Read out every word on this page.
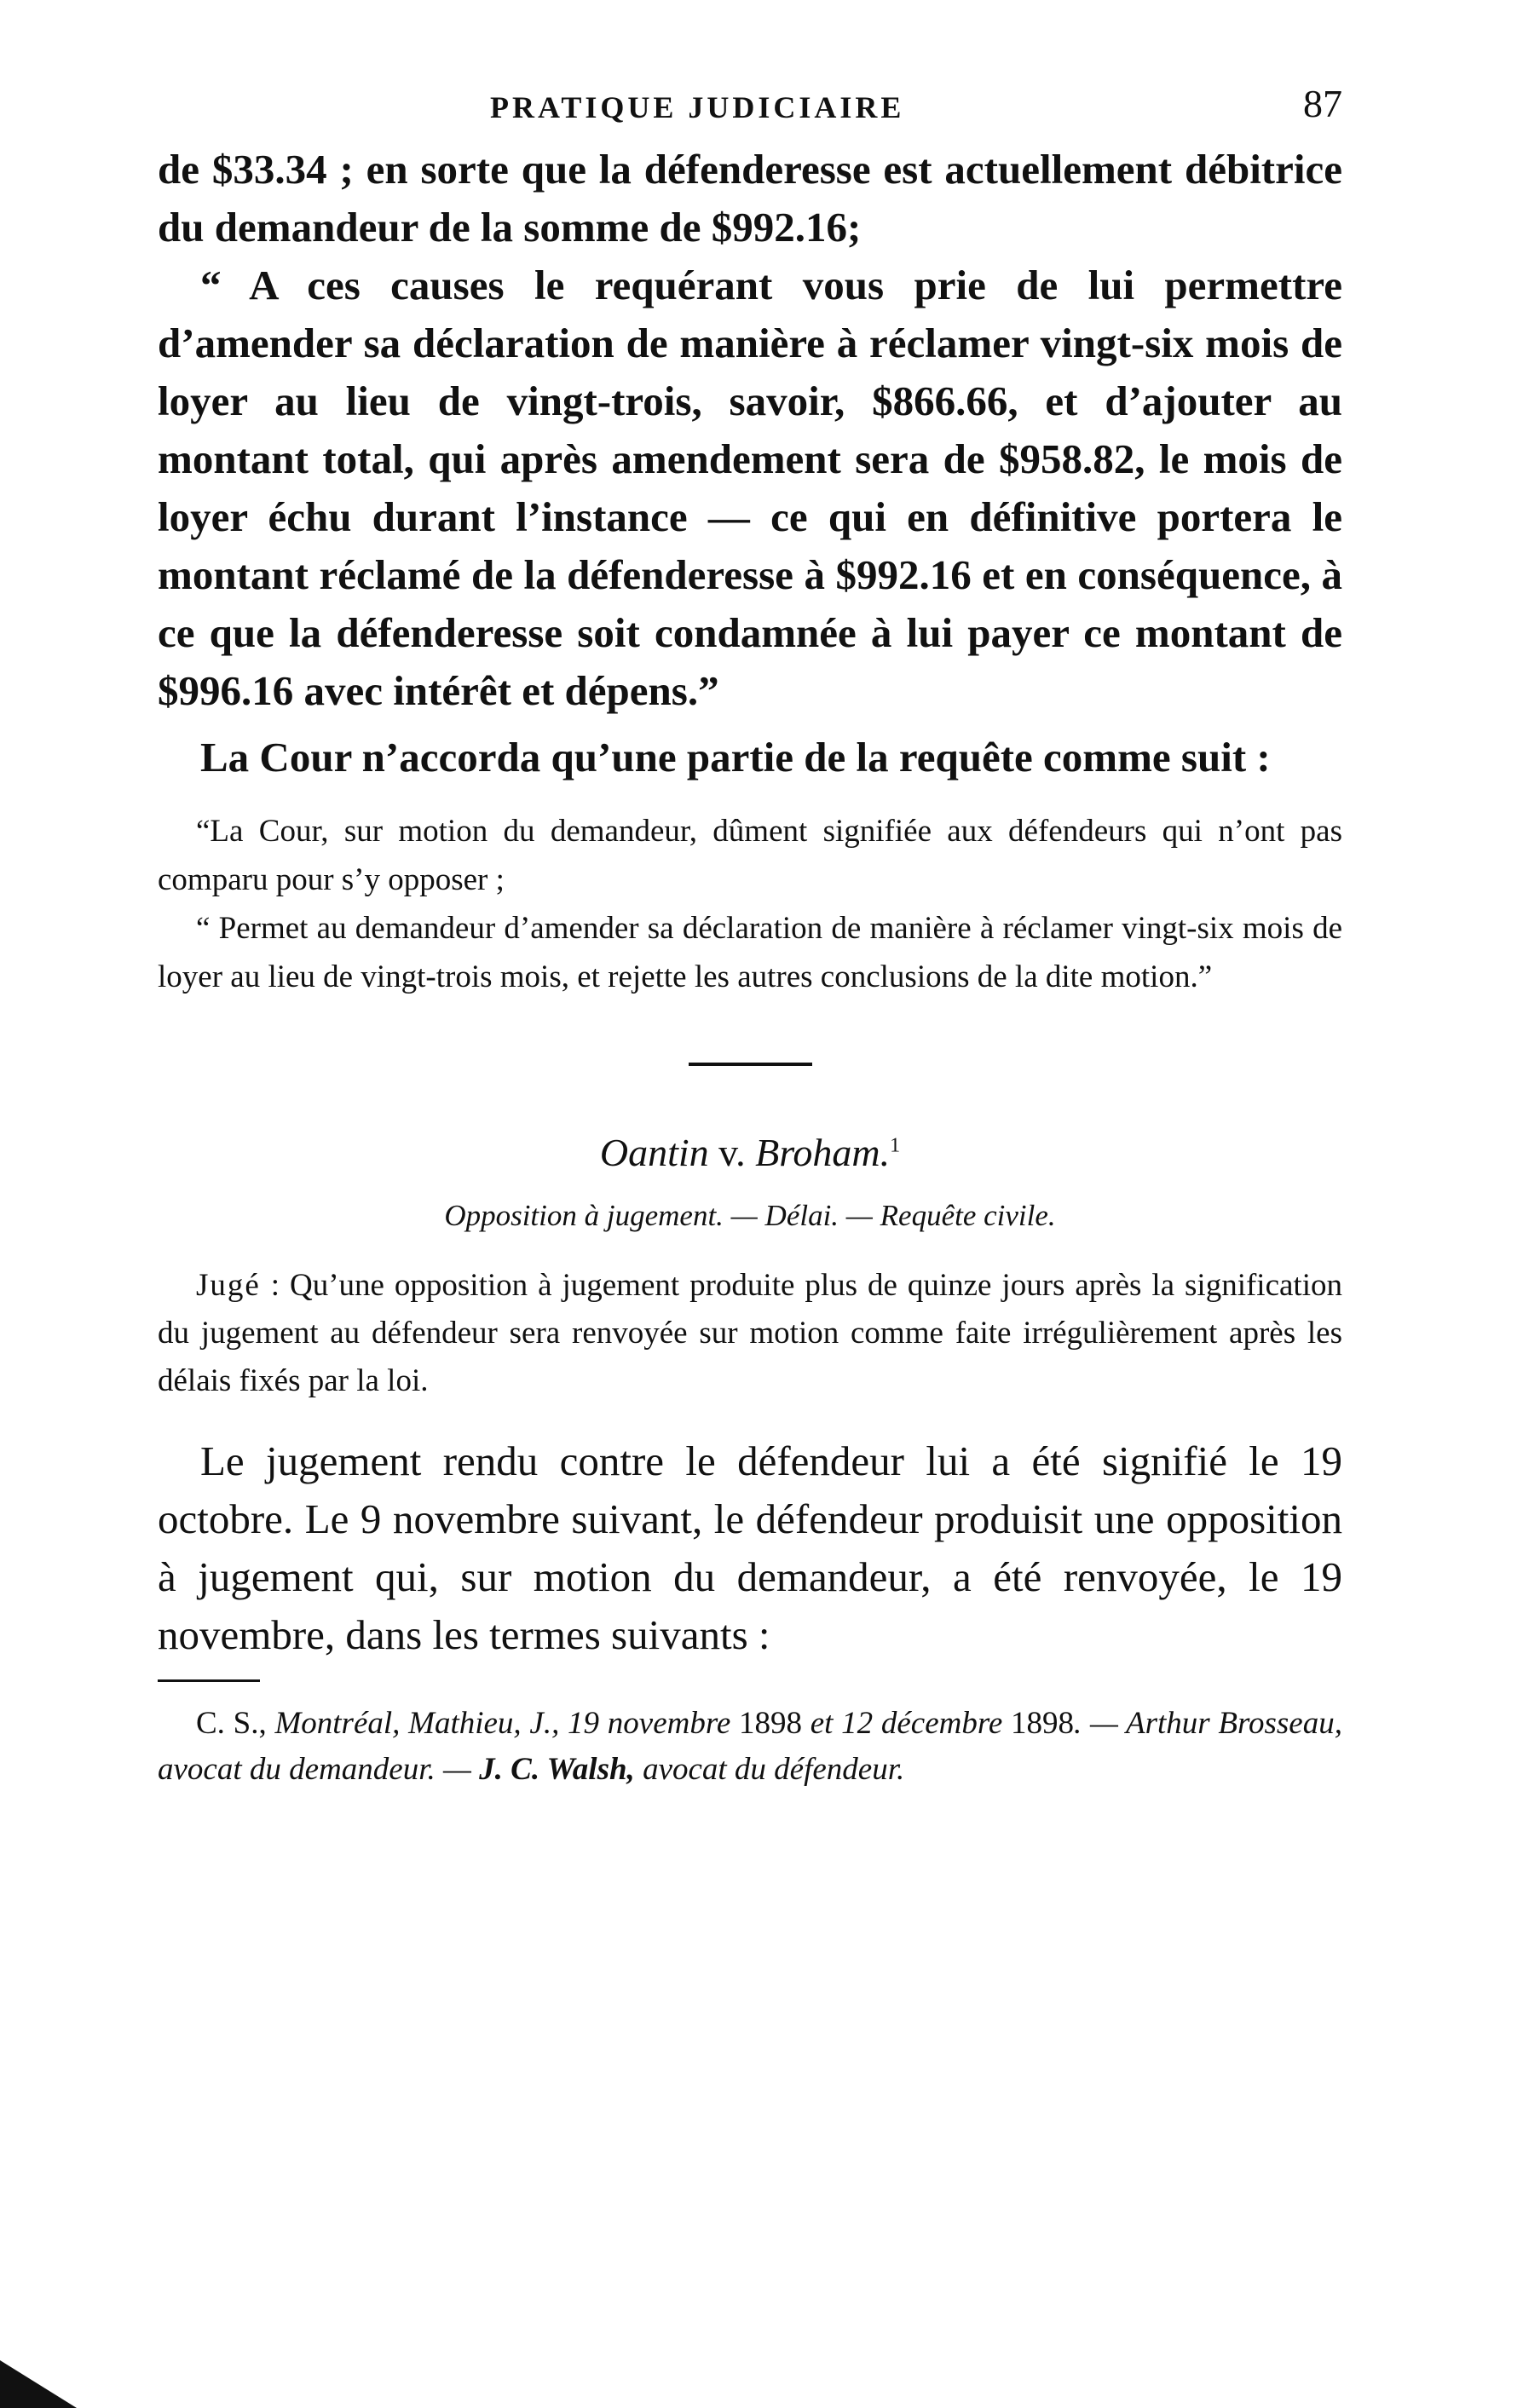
PRATIQUE JUDICIAIRE	87

de $33.34 ; en sorte que la défenderesse est actuellement débitrice du demandeur de la somme de $992.16;

“ A ces causes le requérant vous prie de lui permettre d’amender sa déclaration de manière à réclamer vingt-six mois de loyer au lieu de vingt-trois, savoir, $866.66, et d’ajouter au montant total, qui après amendement sera de $958.82, le mois de loyer échu durant l’instance — ce qui en définitive portera le montant réclamé de la défenderesse à $992.16 et en conséquence, à ce que la défenderesse soit condamnée à lui payer ce montant de $996.16 avec intérêt et dépens.”

La Cour n’accorda qu’une partie de la requête comme suit :

“La Cour, sur motion du demandeur, dûment signifiée aux défendeurs qui n’ont pas comparu pour s’y opposer ;

“ Permet au demandeur d’amender sa déclaration de manière à réclamer vingt-six mois de loyer au lieu de vingt-trois mois, et rejette les autres conclusions de la dite motion.”

Oantin v. Broham.$^1$

Opposition à jugement. — Délai. — Requête civile.

Jugé : Qu’une opposition à jugement produite plus de quinze jours après la signification du jugement au défendeur sera renvoyée sur motion comme faite irrégulièrement après les délais fixés par la loi.

Le jugement rendu contre le défendeur lui a été signifié le 19 octobre. Le 9 novembre suivant, le défendeur produisit une opposition à jugement qui, sur motion du demandeur, a été renvoyée, le 19 novembre, dans les termes suivants :

C. S., Montréal, Mathieu, J., 19 novembre 1898 et 12 décembre 1898. — Arthur Brosseau, avocat du demandeur. — J. C. Walsh, avocat du défendeur.
